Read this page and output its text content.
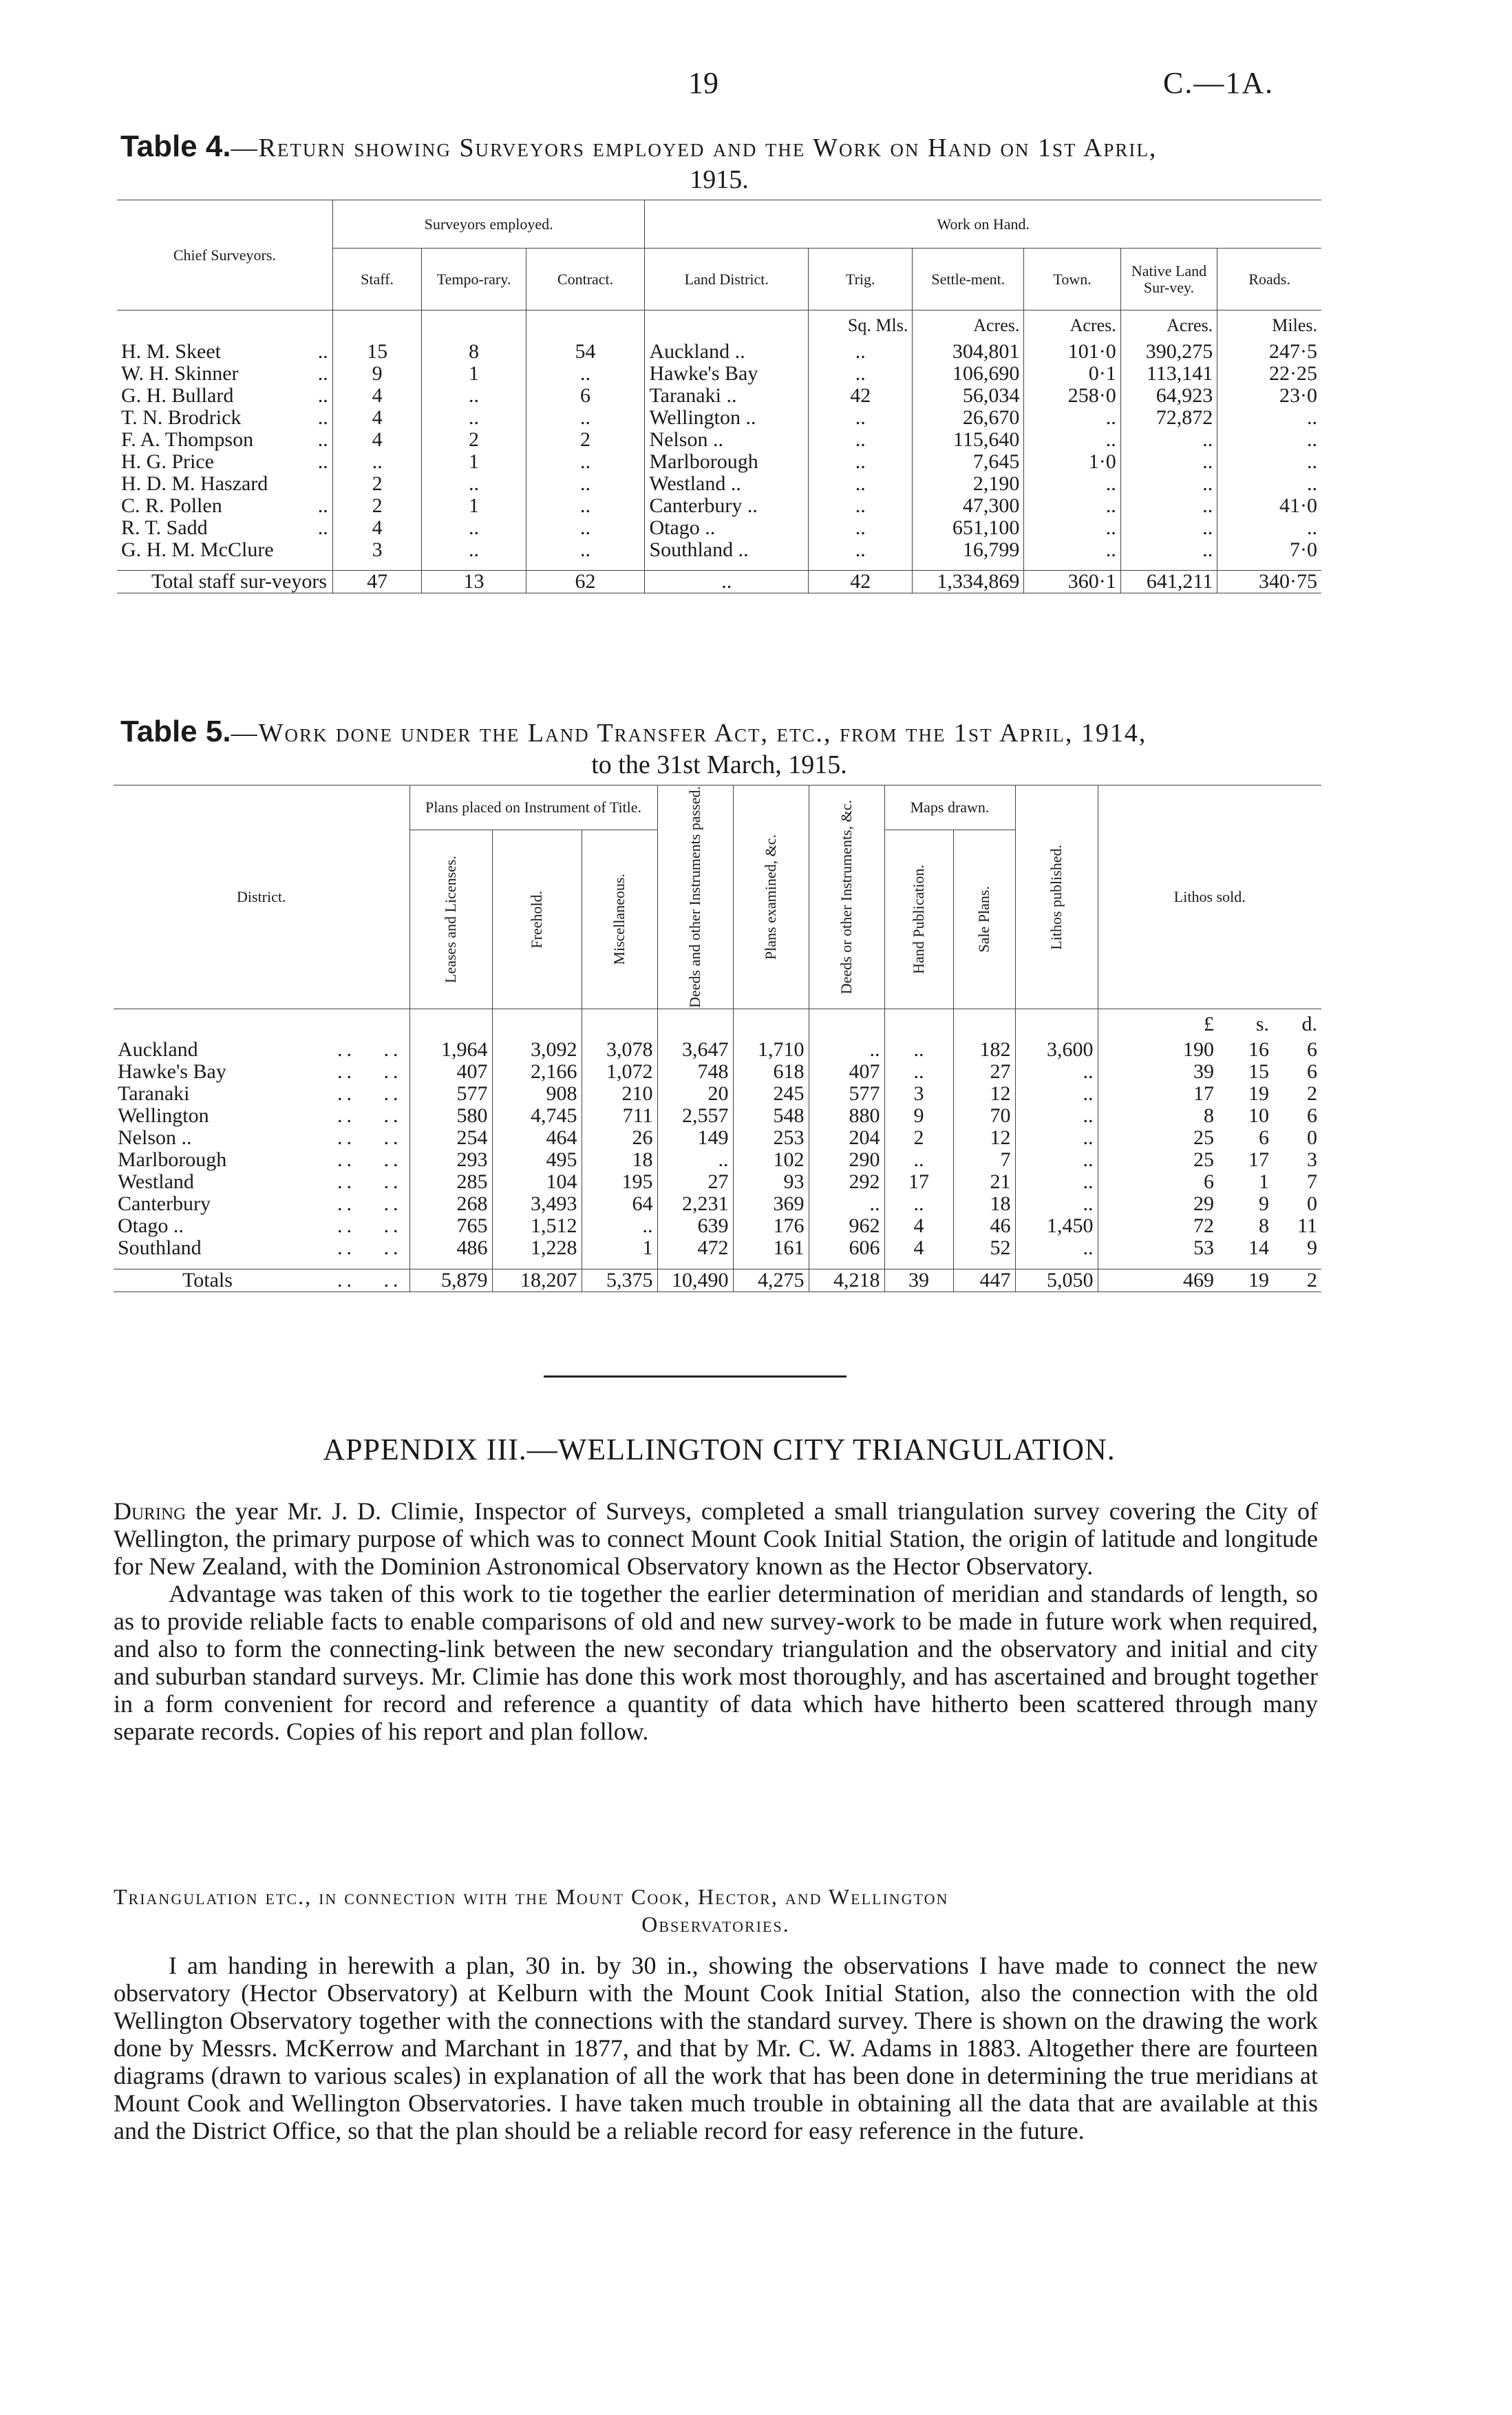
19	C.—1A.
Table 4.—Return showing Surveyors employed and the Work on Hand on 1st April,
1915.
Chief Surveyors.	Surveyors employed.			Work on Hand.					
	Staff.	Tempo-rary.	Contract.	Land District.	Trig.	Settle-ment.	Town.	Native Land Sur-vey.	Roads.
					Sq. Mls.	Acres.	Acres.	Acres.	Miles.
H. M. Skeet ..	15	8	54	Auckland ..	..	304,801	101·0	390,275	247·5
W. H. Skinner ..	9	1	..	Hawke's Bay	..	106,690	0·1	113,141	22·25
G. H. Bullard ..	4	..	6	Taranaki ..	42	56,034	258·0	64,923	23·0
T. N. Brodrick ..	4	..	..	Wellington ..	..	26,670	..	72,872	..
F. A. Thompson ..	4	2	2	Nelson ..	..	115,640	..	..	..
H. G. Price ..	..	1	..	Marlborough	..	7,645	1·0	..	..
H. D. M. Haszard	2	..	..	Westland ..	..	2,190	..	..	..
C. R. Pollen ..	2	1	..	Canterbury ..	..	47,300	..	..	41·0
R. T. Sadd ..	4	..	..	Otago ..	..	651,100	..	..	..
G. H. M. McClure	3	..	..	Southland ..	..	16,799	..	..	7·0

Total staff sur-veyors	47	13	62	..	42	1,334,869	360·1	641,211	340·75
Table 5.—Work done under the Land Transfer Act, etc., from the 1st April, 1914,
to the 31st March, 1915.
District.	Plans placed on Instrument of Title.			Deeds and other Instruments passed.	Plans examined, &c.	Deeds or other Instruments, &c.	Maps drawn.		Lithos published.	Lithos sold.

	Leases and Licenses.	Freehold.	Miscellaneous.				Hand Publication.	Sale Plans.		

										£ s. d.

Auckland ..   ..	1,964	3,092	3,078	3,647	1,710	..	..	182	3,600	190 16 6

Hawke's Bay ..   ..	407	2,166	1,072	748	618	407	..	27	..	39 15 6

Taranaki ..   ..	577	908	210	20	245	577	3	12	..	17 19 2

Wellington ..   ..	580	4,745	711	2,557	548	880	9	70	..	8 10 6

Nelson .. ..   ..	254	464	26	149	253	204	2	12	..	25 6 0

Marlborough ..   ..	293	495	18	..	102	290	..	7	..	25 17 3

Westland ..   ..	285	104	195	27	93	292	17	21	..	6 1 7

Canterbury ..   ..	268	3,493	64	2,231	369	..	..	18	..	29 9 0

Otago .. ..   ..	765	1,512	..	639	176	962	4	46	1,450	72 8 11

Southland ..   ..	486	1,228	1	472	161	606	4	52	..	53 14 9

Totals ..   ..	5,879	18,207	5,375	10,490	4,275	4,218	39	447	5,050	469 19 2
APPENDIX III.—WELLINGTON CITY TRIANGULATION.

During the year Mr. J. D. Climie, Inspector of Surveys, completed a small triangulation survey covering the City of Wellington, the primary purpose of which was to connect Mount Cook Initial Station, the origin of latitude and longitude for New Zealand, with the Dominion Astronomical Observatory known as the Hector Observatory.

Advantage was taken of this work to tie together the earlier determination of meridian and standards of length, so as to provide reliable facts to enable comparisons of old and new survey-work to be made in future work when required, and also to form the connecting-link between the new secondary triangulation and the observatory and initial and city and suburban standard surveys. Mr. Climie has done this work most thoroughly, and has ascertained and brought together in a form convenient for record and reference a quantity of data which have hitherto been scattered through many separate records. Copies of his report and plan follow.

Triangulation etc., in connection with the Mount Cook, Hector, and Wellington
Observatories.

I am handing in herewith a plan, 30 in. by 30 in., showing the observations I have made to connect the new observatory (Hector Observatory) at Kelburn with the Mount Cook Initial Station, also the connection with the old Wellington Observatory together with the connections with the standard survey. There is shown on the drawing the work done by Messrs. McKerrow and Marchant in 1877, and that by Mr. C. W. Adams in 1883. Altogether there are fourteen diagrams (drawn to various scales) in explanation of all the work that has been done in determining the true meridians at Mount Cook and Wellington Observatories. I have taken much trouble in obtaining all the data that are available at this and the District Office, so that the plan should be a reliable record for easy reference in the future.
